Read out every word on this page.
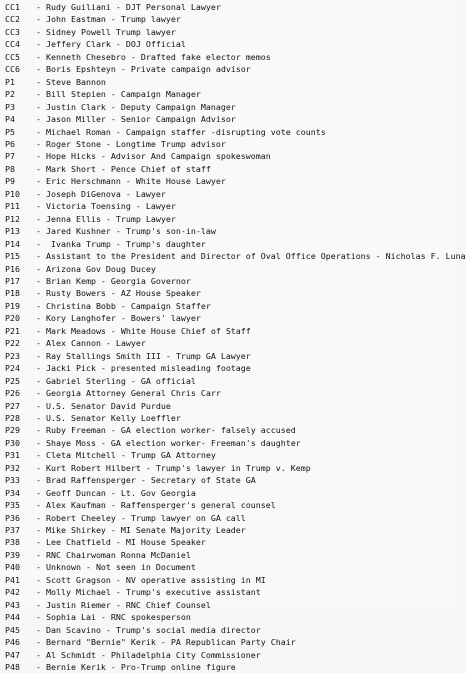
CC1 - Rudy Guiliani - DJT Personal Lawyer
CC2 - John Eastman - Trump lawyer
CC3 - Sidney Powell Trump lawyer
CC4 - Jeffery Clark - DOJ Official
CC5 - Kenneth Chesebro - Drafted fake elector memos
CC6 - Boris Epshteyn - Private campaign advisor
P1	- Steve Bannon
P2	- Bill Stepien - Campaign Manager
P3	- Justin Clark - Deputy Campaign Manager
P4	- Jason Miller - Senior Campaign Advisor
P5	- Michael Roman - Campaign staffer -disrupting vote counts
P6	- Roger Stone - Longtime Trump advisor
P7	- Hope Hicks - Advisor And Campaign spokeswoman
P8	- Mark Short - Pence Chief of staff
P9	- Eric Herschmann - White House Lawyer
P10 - Joseph DiGenova - Lawyer
P11 - Victoria Toensing - Lawyer
P12 - Jenna Ellis - Trump Lawyer
P13 - Jared Kushner - Trump's son-in-law
P14 -  Ivanka Trump - Trump's daughter
P15 - Assistant to the President and Director of Oval Office Operations - Nicholas F. Luna
P16 - Arizona Gov Doug Ducey
P17 - Brian Kemp - Georgia Governor
P18 - Rusty Bowers - AZ House Speaker
P19 - Christina Bobb - Campaign Staffer
P20 - Kory Langhofer - Bowers' lawyer
P21 - Mark Meadows - White House Chief of Staff
P22 - Alex Cannon - Lawyer
P23 - Ray Stallings Smith III - Trump GA Lawyer
P24 - Jacki Pick - presented misleading footage
P25 - Gabriel Sterling - GA official
P26 - Georgia Attorney General Chris Carr
P27 - U.S. Senator David Purdue
P28 - U.S. Senator Kelly Loeffler
P29 - Ruby Freeman - GA election worker- falsely accused
P30 - Shaye Moss - GA election worker- Freeman's daughter
P31 - Cleta Mitchell - Trump GA Attorney
P32 - Kurt Robert Hilbert - Trump's lawyer in Trump v. Kemp
P33 - Brad Raffensperger - Secretary of State GA
P34 - Geoff Duncan - Lt. Gov Georgia
P35 - Alex Kaufman - Raffensperger's general counsel
P36 - Robert Cheeley - Trump lawyer on GA call
P37 - Mike Shirkey - MI Senate Majority Leader
P38 - Lee Chatfield - MI House Speaker
P39 - RNC Chairwoman Ronna McDaniel
P40 - Unknown - Not seen in Document
P41 - Scott Gragson - NV operative assisting in MI
P42 - Molly Michael - Trump's executive assistant
P43 - Justin Riemer - RNC Chief Counsel
P44 - Sophia Lai - RNC spokesperson
P45 - Dan Scavino - Trump's social media director
P46 - Bernard "Bernie" Kerik - PA Republican Party Chair
P47 - Al Schmidt - Philadelphia City Commissioner
P48 - Bernie Kerik - Pro-Trump online figure
